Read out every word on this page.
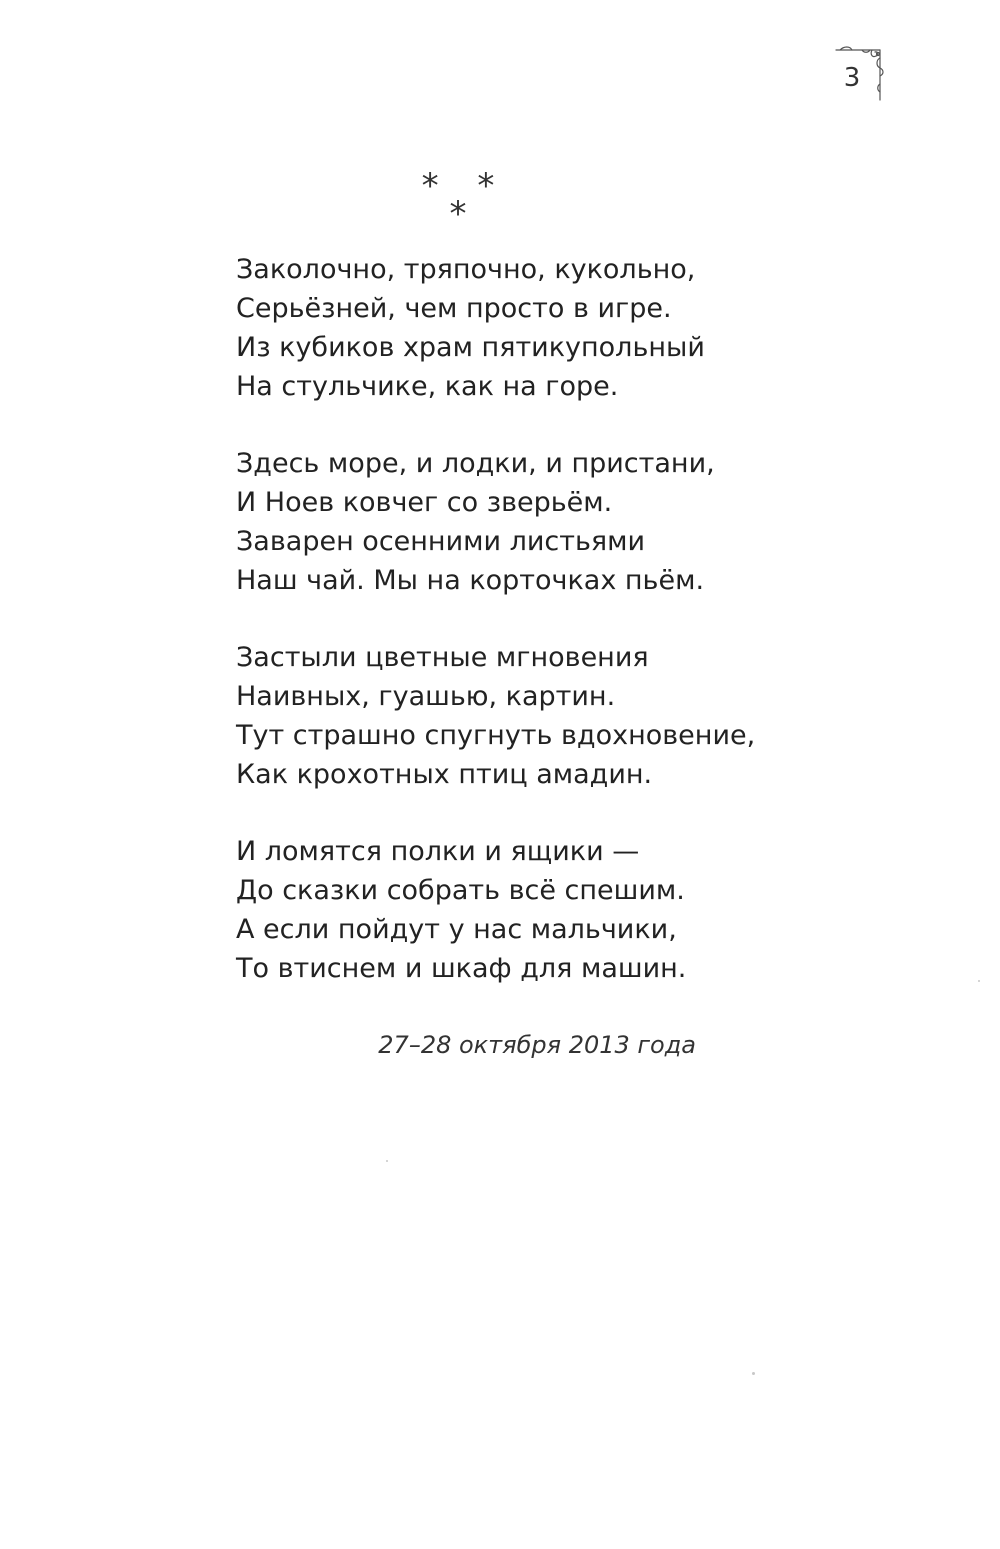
3
* * *
Заколочно, тряпочно, кукольно,
Серьёзней, чем просто в игре.
Из кубиков храм пятикупольный
На стульчике, как на горе.
Здесь море, и лодки, и пристани,
И Ноев ковчег со зверьём.
Заварен осенними листьями
Наш чай. Мы на корточках пьём.
Застыли цветные мгновения
Наивных, гуашью, картин.
Тут страшно спугнуть вдохновение,
Как крохотных птиц амадин.
И ломятся полки и ящики —
До сказки собрать всё спешим.
А если пойдут у нас мальчики,
То втиснем и шкаф для машин.
27–28 октября 2013 года
